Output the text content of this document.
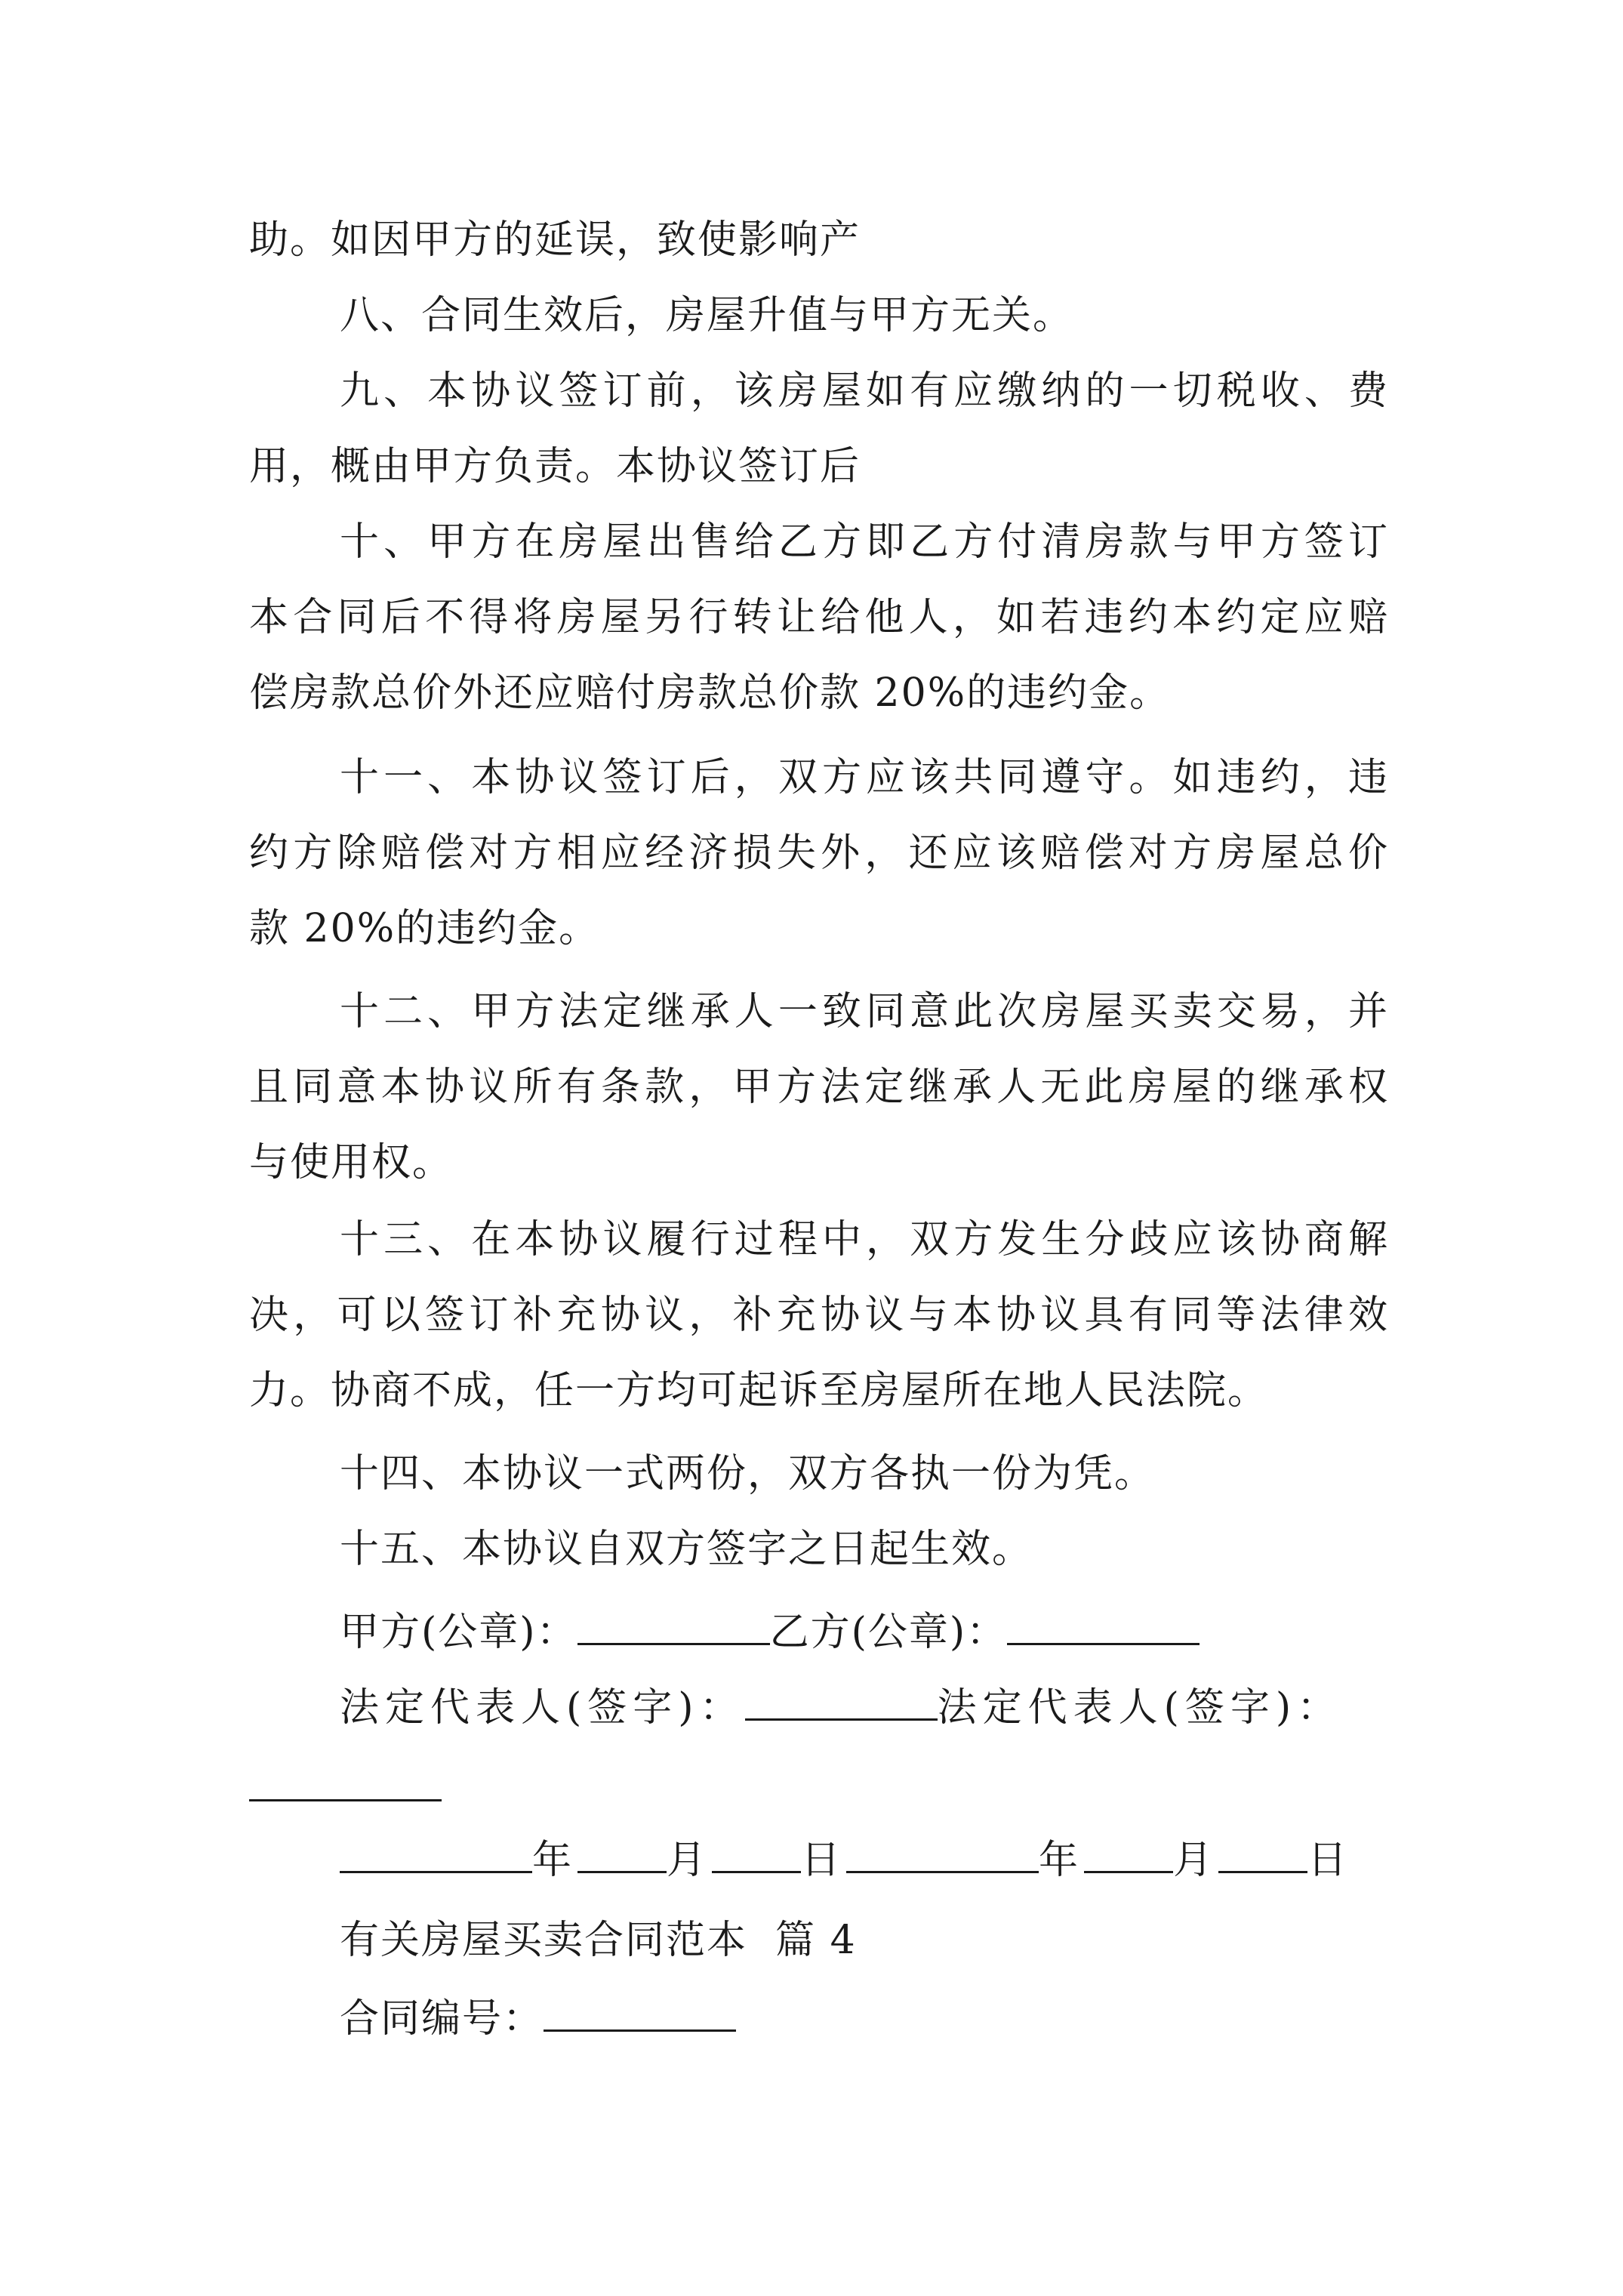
助。如因甲方的延误，致使影响产
八、合同生效后，房屋升值与甲方无关。
九、本协议签订前，该房屋如有应缴纳的一切税收、费
用，概由甲方负责。本协议签订后
十、甲方在房屋出售给乙方即乙方付清房款与甲方签订
本合同后不得将房屋另行转让给他人，如若违约本约定应赔
偿房款总价外还应赔付房款总价款 20%的违约金。
十一、本协议签订后，双方应该共同遵守。如违约，违
约方除赔偿对方相应经济损失外，还应该赔偿对方房屋总价
款 20%的违约金。
十二、甲方法定继承人一致同意此次房屋买卖交易，并
且同意本协议所有条款，甲方法定继承人无此房屋的继承权
与使用权。
十三、在本协议履行过程中，双方发生分歧应该协商解
决，可以签订补充协议，补充协议与本协议具有同等法律效
力。协商不成，任一方均可起诉至房屋所在地人民法院。
十四、本协议一式两份，双方各执一份为凭。
十五、本协议自双方签字之日起生效。
甲方(公章)：	乙方(公章)：
法定代表人(签字)：	法定代表人(签字)：
年 月 日	年 月 日
有关房屋买卖合同范本  篇 4
合同编号：
